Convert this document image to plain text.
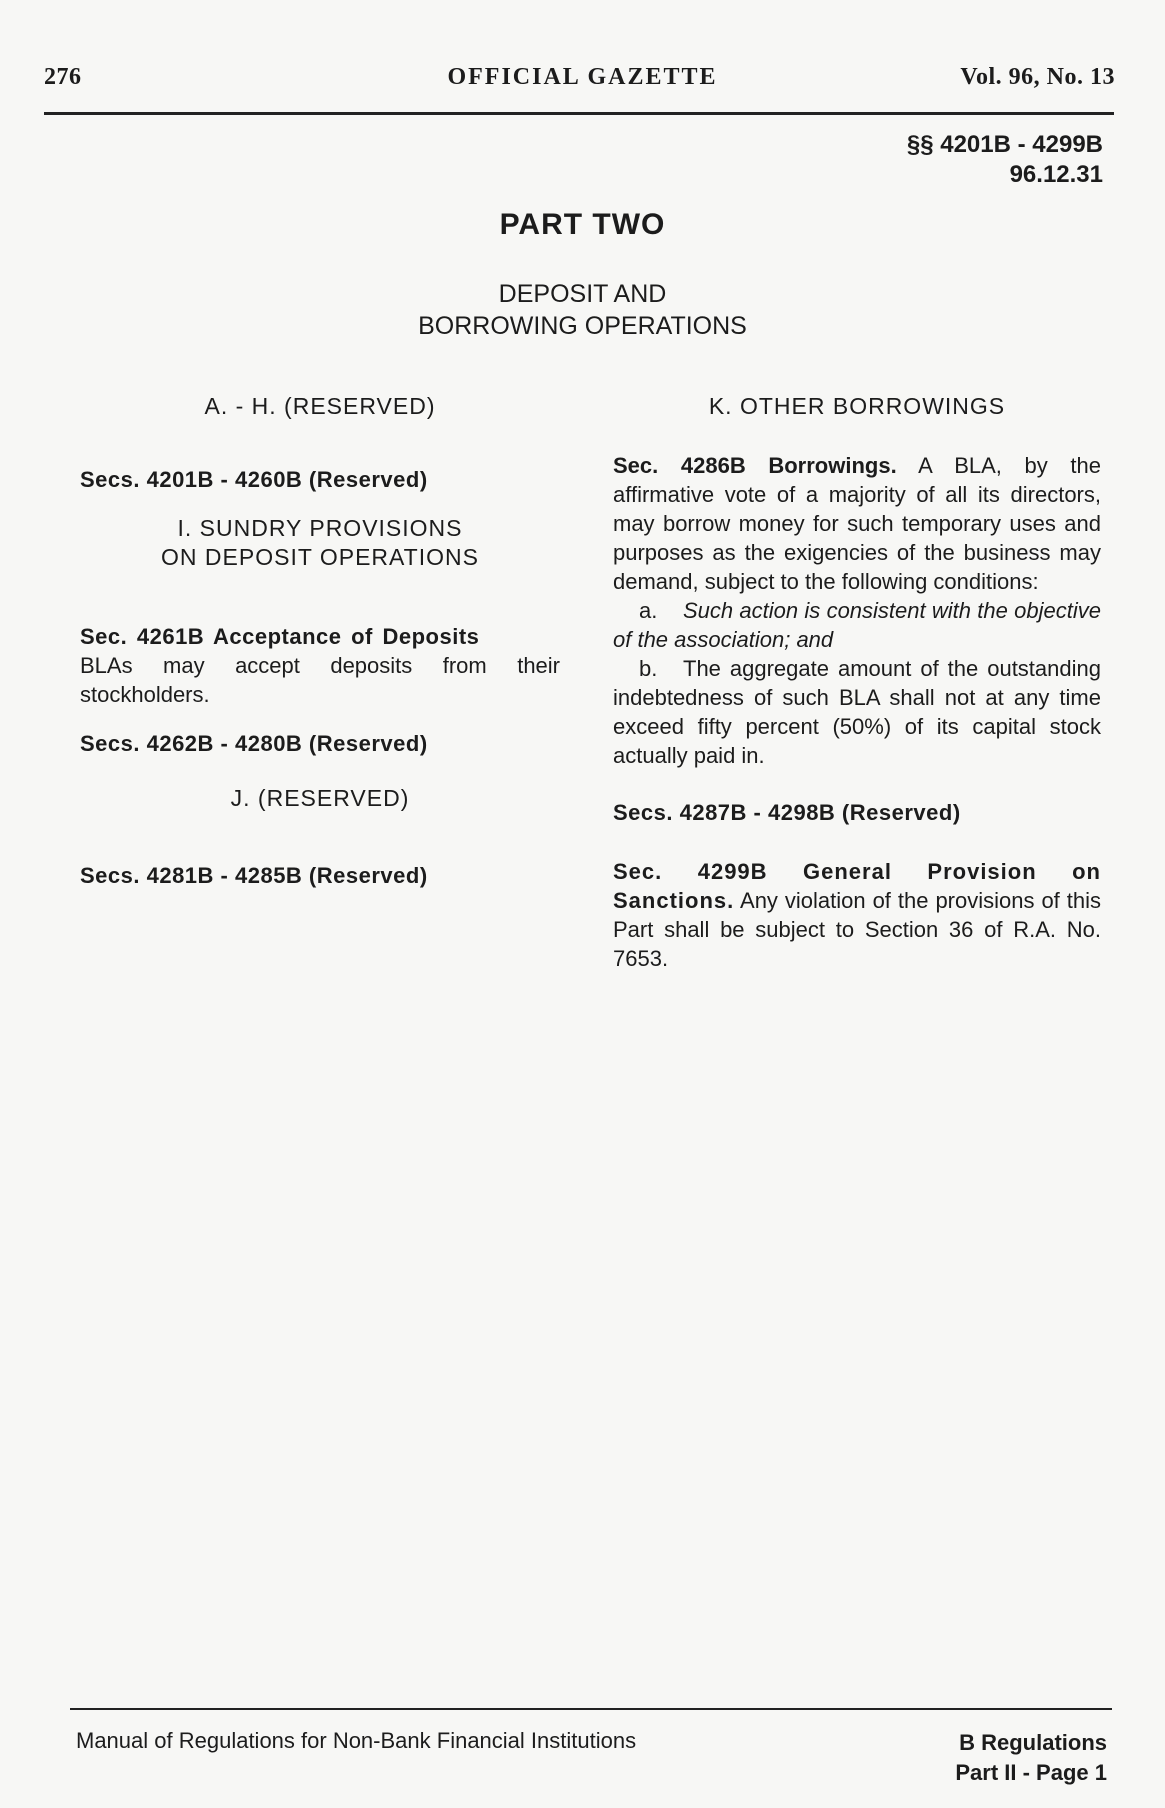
276	OFFICIAL GAZETTE	Vol. 96, No. 13
§§ 4201B - 4299B
96.12.31
PART TWO
DEPOSIT AND
BORROWING OPERATIONS
A. - H. (RESERVED)
Secs. 4201B - 4260B (Reserved)
I. SUNDRY PROVISIONS
ON DEPOSIT OPERATIONS
Sec. 4261B Acceptance of Deposits
BLAs may accept deposits from their stockholders.
Secs. 4262B - 4280B (Reserved)
J. (RESERVED)
Secs. 4281B - 4285B (Reserved)
K. OTHER BORROWINGS
Sec. 4286B Borrowings. A BLA, by the affirmative vote of a majority of all its directors, may borrow money for such temporary uses and purposes as the exigencies of the business may demand, subject to the following conditions:
a. Such action is consistent with the objective of the association; and
b. The aggregate amount of the outstanding indebtedness of such BLA shall not at any time exceed fifty percent (50%) of its capital stock actually paid in.
Secs. 4287B - 4298B (Reserved)
Sec. 4299B General Provision on Sanctions. Any violation of the provisions of this Part shall be subject to Section 36 of R.A. No. 7653.
Manual of Regulations for Non-Bank Financial Institutions	B Regulations
Part II - Page 1
